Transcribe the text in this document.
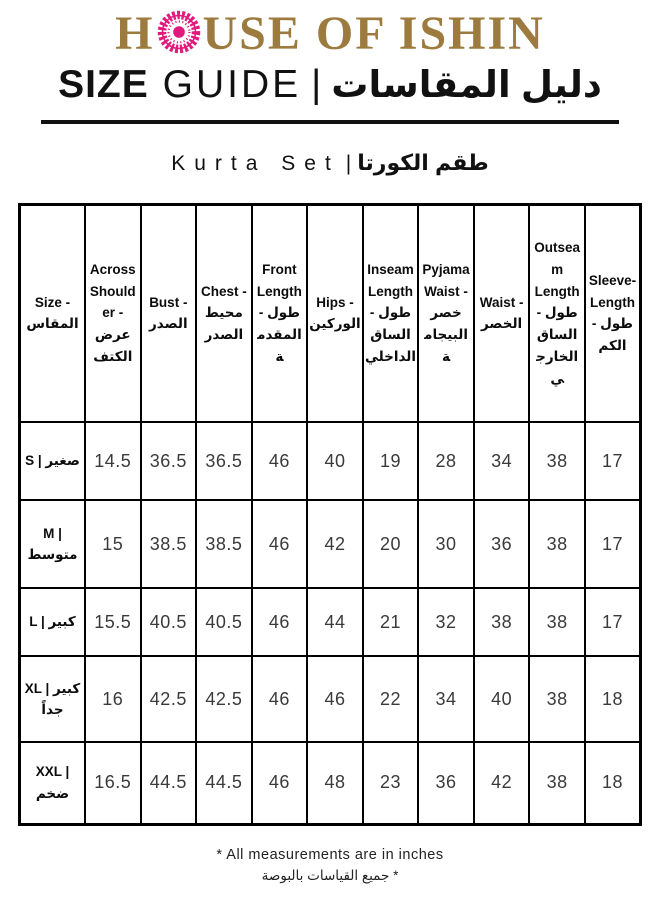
H USE OF ISHIN
SIZE GUIDE | دليل المقاسات
Kurta Set | طقم الكورتا
Size - المقاس	Across Shoulder - عرض الكتف	Bust - الصدر	Chest - محيط الصدر	Front Length - طول المقدمة	Hips - الوركين	Inseam Length - طول الساق الداخلي	Pyjama Waist - خصر البيجامة	Waist - الخصر	Outseam Length - طول الساق الخارجي	Sleeve-Length - طول الكم
S | صغير	14.5	36.5	36.5	46	40	19	28	34	38	17
M | متوسط	15	38.5	38.5	46	42	20	30	36	38	17
L | كبير	15.5	40.5	40.5	46	44	21	32	38	38	17
XL | كبير جداً	16	42.5	42.5	46	46	22	34	40	38	18
XXL | ضخم	16.5	44.5	44.5	46	48	23	36	42	38	18
* All measurements are in inches
* جميع القياسات بالبوصة
